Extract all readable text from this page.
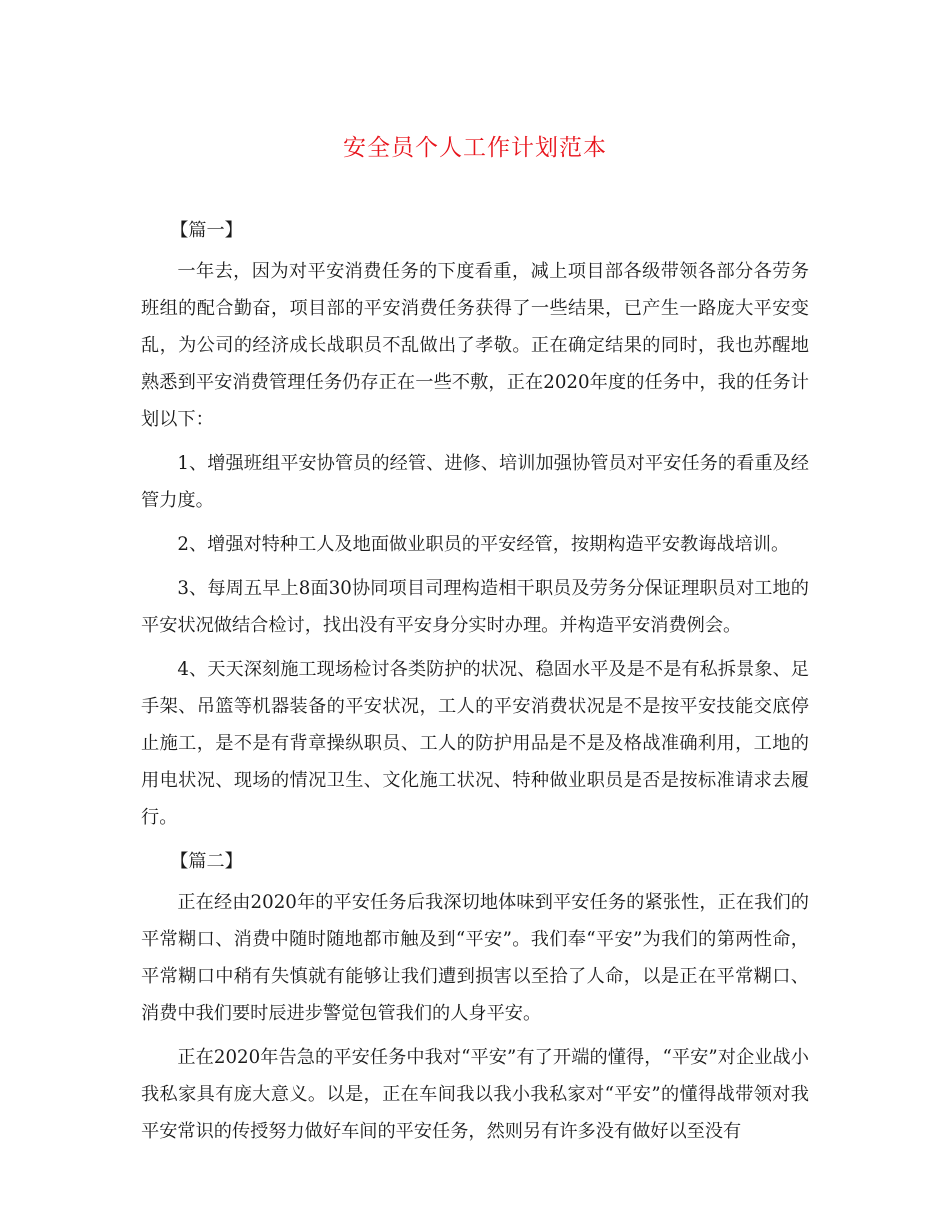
安全员个人工作计划范本

【篇一】

一年去，因为对平安消费任务的下度看重，减上项目部各级带领各部分各劳务班组的配合勤奋，项目部的平安消费任务获得了一些结果，已产生一路庞大平安变乱，为公司的经济成长战职员不乱做出了孝敬。正在确定结果的同时，我也苏醒地熟悉到平安消费管理任务仍存正在一些不敷，正在2020年度的任务中，我的任务计划以下：

1、增强班组平安协管员的经管、进修、培训加强协管员对平安任务的看重及经管力度。

2、增强对特种工人及地面做业职员的平安经管，按期构造平安教诲战培训。

3、每周五早上8面30协同项目司理构造相干职员及劳务分保证理职员对工地的平安状况做结合检讨，找出没有平安身分实时办理。并构造平安消费例会。

4、天天深刻施工现场检讨各类防护的状况、稳固水平及是不是有私拆景象、足手架、吊篮等机器装备的平安状况，工人的平安消费状况是不是按平安技能交底停止施工，是不是有背章操纵职员、工人的防护用品是不是及格战准确利用，工地的用电状况、现场的情况卫生、文化施工状况、特种做业职员是否是按标准请求去履行。

【篇二】

正在经由2020年的平安任务后我深切地体味到平安任务的紧张性，正在我们的平常糊口、消费中随时随地都市触及到“平安”。我们奉“平安”为我们的第两性命，平常糊口中稍有失慎就有能够让我们遭到损害以至拾了人命，以是正在平常糊口、消费中我们要时辰进步警觉包管我们的人身平安。

正在2020年告急的平安任务中我对“平安”有了开端的懂得，“平安”对企业战小我私家具有庞大意义。以是，正在车间我以我小我私家对“平安”的懂得战带领对我平安常识的传授努力做好车间的平安任务，然则另有许多没有做好以至没有
